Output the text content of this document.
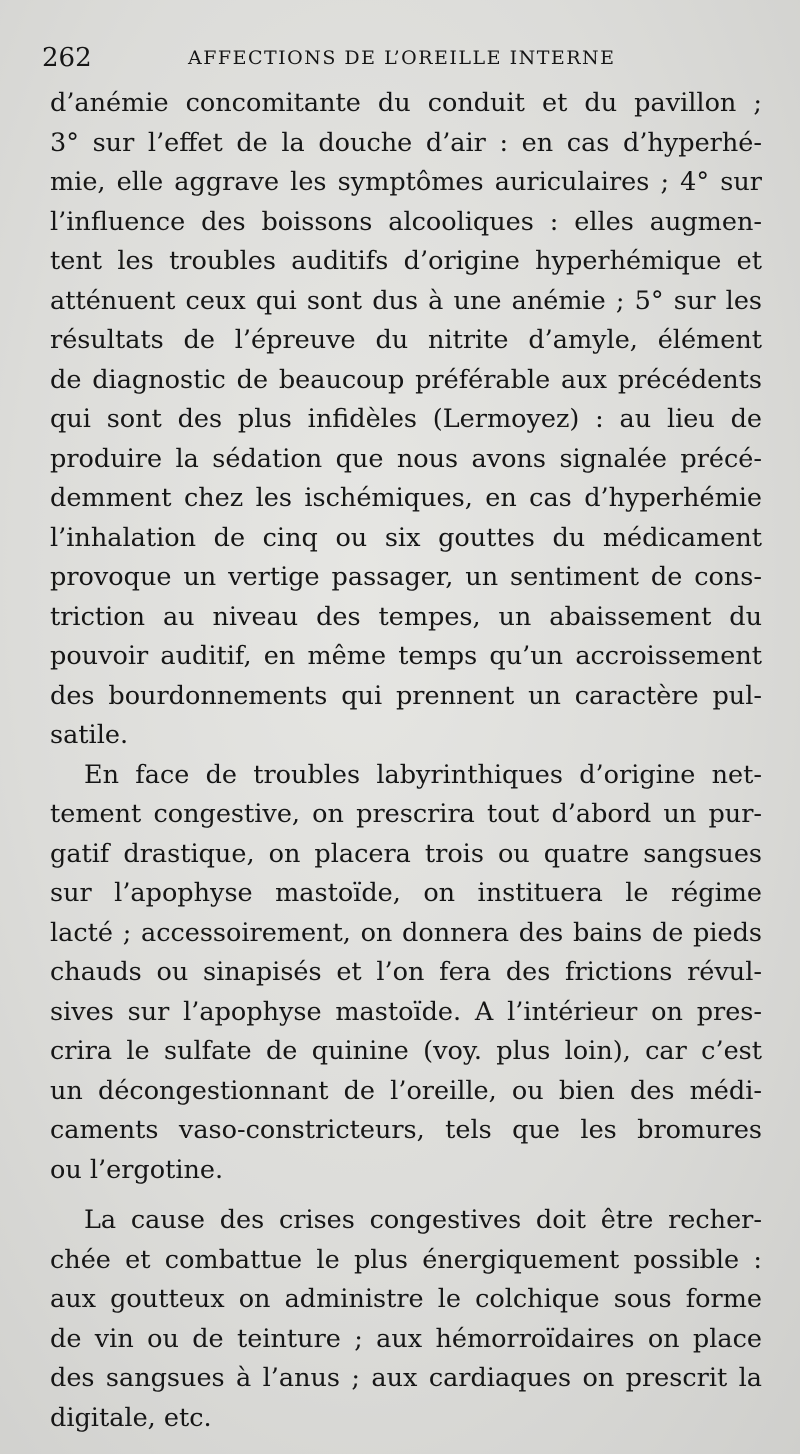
262	AFFECTIONS DE L’OREILLE INTERNE
d’anémie concomitante du conduit et du pavillon ;
3° sur l’effet de la douche d’air : en cas d’hyperhé-
mie, elle aggrave les symptômes auriculaires ; 4° sur
l’influence des boissons alcooliques : elles augmen-
tent les troubles auditifs d’origine hyperhémique et
atténuent ceux qui sont dus à une anémie ; 5° sur les
résultats de l’épreuve du nitrite d’amyle, élément
de diagnostic de beaucoup préférable aux précédents
qui sont des plus infidèles (Lermoyez) : au lieu de
produire la sédation que nous avons signalée précé-
demment chez les ischémiques, en cas d’hyperhémie
l’inhalation de cinq ou six gouttes du médicament
provoque un vertige passager, un sentiment de cons-
triction au niveau des tempes, un abaissement du
pouvoir auditif, en même temps qu’un accroissement
des bourdonnements qui prennent un caractère pul-
satile.
En face de troubles labyrinthiques d’origine net-
tement congestive, on prescrira tout d’abord un pur-
gatif drastique, on placera trois ou quatre sangsues
sur l’apophyse mastoïde, on instituera le régime
lacté ; accessoirement, on donnera des bains de pieds
chauds ou sinapisés et l’on fera des frictions révul-
sives sur l’apophyse mastoïde. A l’intérieur on pres-
crira le sulfate de quinine (voy. plus loin), car c’est
un décongestionnant de l’oreille, ou bien des médi-
caments vaso-constricteurs, tels que les bromures
ou l’ergotine.
La cause des crises congestives doit être recher-
chée et combattue le plus énergiquement possible :
aux goutteux on administre le colchique sous forme
de vin ou de teinture ; aux hémorroïdaires on place
des sangsues à l’anus ; aux cardiaques on prescrit la
digitale, etc.
